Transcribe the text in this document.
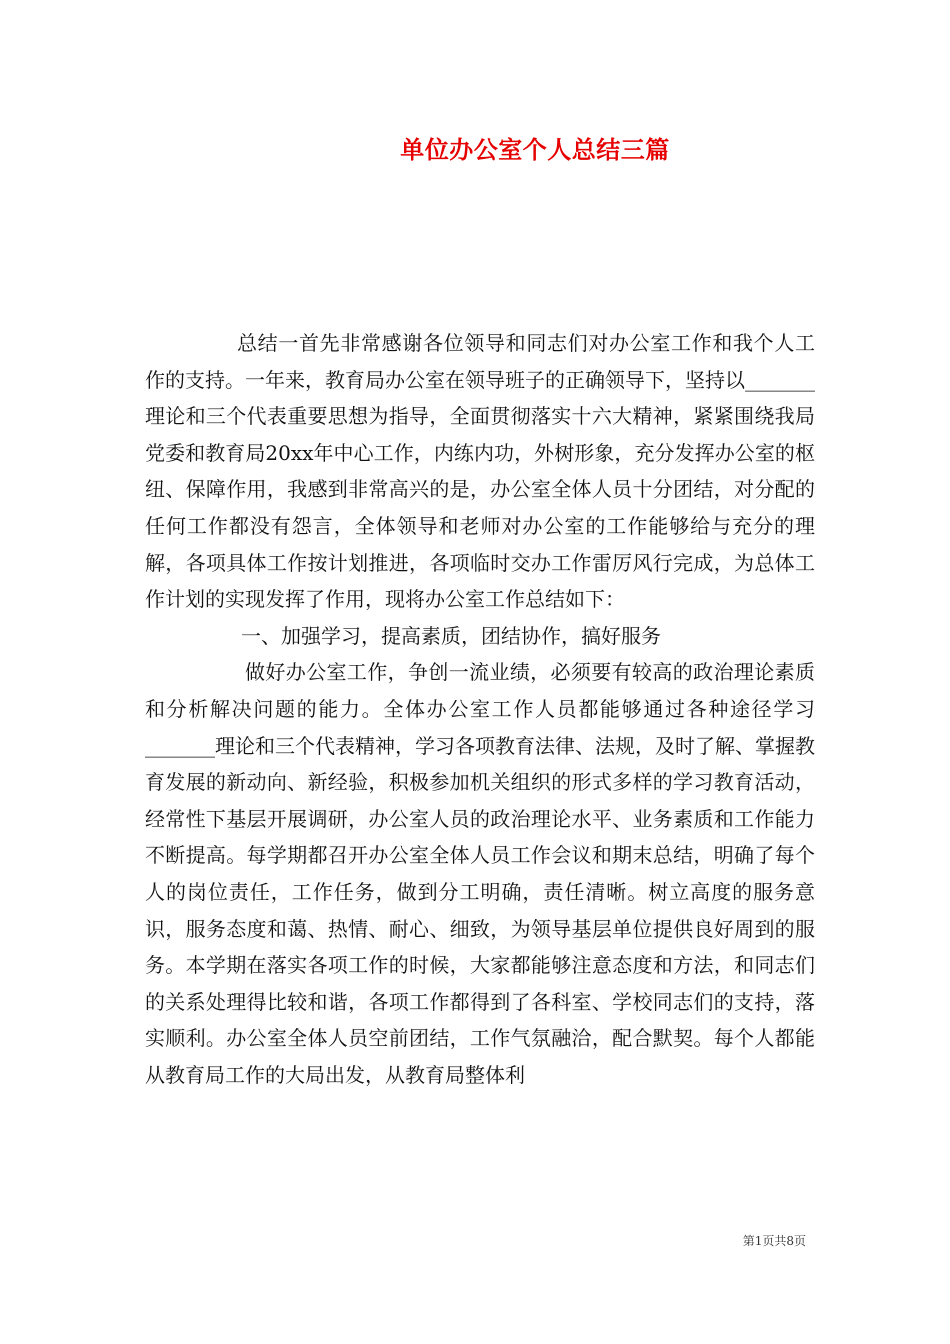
单位办公室个人总结三篇

总结一首先非常感谢各位领导和同志们对办公室工作和我个人工作的支持。一年来，教育局办公室在领导班子的正确领导下，坚持以_______理论和三个代表重要思想为指导，全面贯彻落实十六大精神，紧紧围绕我局党委和教育局20xx年中心工作，内练内功，外树形象，充分发挥办公室的枢纽、保障作用，我感到非常高兴的是，办公室全体人员十分团结，对分配的任何工作都没有怨言，全体领导和老师对办公室的工作能够给与充分的理解，各项具体工作按计划推进，各项临时交办工作雷厉风行完成，为总体工作计划的实现发挥了作用，现将办公室工作总结如下：

一、加强学习，提高素质，团结协作，搞好服务

做好办公室工作，争创一流业绩，必须要有较高的政治理论素质和分析解决问题的能力。全体办公室工作人员都能够通过各种途径学习_______理论和三个代表精神，学习各项教育法律、法规，及时了解、掌握教育发展的新动向、新经验，积极参加机关组织的形式多样的学习教育活动，经常性下基层开展调研，办公室人员的政治理论水平、业务素质和工作能力不断提高。每学期都召开办公室全体人员工作会议和期末总结，明确了每个人的岗位责任，工作任务，做到分工明确，责任清晰。树立高度的服务意识，服务态度和蔼、热情、耐心、细致，为领导基层单位提供良好周到的服务。本学期在落实各项工作的时候，大家都能够注意态度和方法，和同志们的关系处理得比较和谐，各项工作都得到了各科室、学校同志们的支持，落实顺利。办公室全体人员空前团结，工作气氛融洽，配合默契。每个人都能从教育局工作的大局出发，从教育局整体利

第1页共8页
